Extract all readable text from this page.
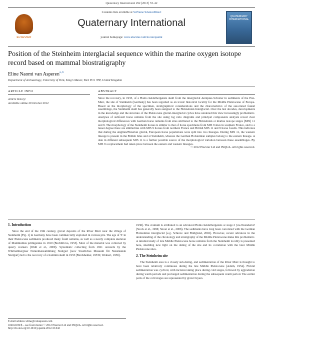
Quaternary International 292 (2013) 33–42
ELSEVIER
Contents lists available at SciVerse ScienceDirect
Quaternary International
journal homepage: www.elsevier.com/locate/quaint
QUATERNARY INTERNATIONAL
Position of the Steinheim interglacial sequence within the marine oxygen isotope record based on mammal biostratigraphy
Eline Naomi van Asperen$^{a, b}$
Department of Archaeology, University of York, King's Manor, York YO1 7EP, United Kingdom
ARTICLE INFO
Article history:
Available online 20 October 2012
ABSTRACT
Since the recovery, in 1933, of a Homo heidelbergensis skull from the interglacial Antiquus-Schotter in sediments of the Enz-Murr, the site of Steinheim (Germany) has been regarded as an iconic historical locality for the Middle Pleistocene of Europe. Based on the morphology of the specimen, stratigraphical considerations and the characteristics of the associated faunal assemblage, the Steinheim skull has generally been assigned to the Holsteinian Interglacial. Over the last decades, developments in the knowledge and the structure of the Pleistocene glacial-interglacial cycles have rendered this view increasingly problematic. Analyses of subfossil horse remains from the site using log ratio diagrams and principal components analysis reveal clear morphological differences with German horse remains from sites attributed to the Holsteinian or marine isotope stages (MIS) 11 and 9. The morphology of the Steinheim horses is similar to that of horse specimens from MIS 9 sites in southern France, and to a lesser degree there are similarities with MIS 9 horses from northern France and British MIS 11 and 9 horse fossils. This indicates that during the Anglian/Elsterian glacial, European horse populations were split into two lineages. During MIS 11, the western lineage is present in the British Isles and at Steinheim, whereas the German Holsteinian samples belong to the eastern lineage. A date in different subsequent MIS 11 is a further possible source of the morphological variation between these assemblages. By MIS 9 a replacement had taken place between the eastern and western lineages.
© 2012 Elsevier Ltd and INQUA. All rights reserved.
1. Introduction

Since the end of the 19th century, gravel deposits of the River Murr near the village of Steinheim (Fig. 1) in Germany have been commercially exploited in various pits. The age of 'S' in their Pleistocene sediments produced many fossil remains, as well as a nearly complete skeleton of Mammuthus primigenius in 1910 (Bechthlova, 1953). Most of the material was collected by quarry workers (Wahl et al., 2009). Systematic collecting from 1921 onwards by the Württembergiser Naturaliensammlung Stuttgart (now Staatliches Museum für Naturkunde Stuttgart) led to the recovery of a hominin skull in 1933 (Berckhemer, 1933b; Weinert, 1936).

1936). The cranium is attributed to an advanced Homo heidelbergensis or stage 2 'pre-Neandertal' (Stock et al., 1996; Street et al., 2006). The sediments have long been correlated with the German Holsteinian interglacial (e.g. Schreve and Bridgland, 2002). However, recent advances in the understanding of the chronology and stratigraphy of the Middle Pleistocene make this problematic. A detailed study of late Middle Pleistocene horse remains from the Steinheim locality is presented here, shedding new light on the dating of the site and its correlation with the later Middle Pleistocene sites.

2. The Steinheim site

The Steinheim area is a closely sub-dating, and sedimentation of the River Murr is thought to have been relatively continuous during the late Middle Pleistocene (Adam, 1954). Fluvial sedimentation was cyclical, with incision taking place during cold stages, followed by aggradation during warm periods and prolonged sedimentation during the subsequent warm period. The earlier parts of the cold stages are represented by gravel layers.

E-mail address: eline@vanasperen.com
1040-6182/$ – see front matter © 2012 Elsevier Ltd and INQUA. All rights reserved.
http://dx.doi.org/10.1016/j.quaint.2012.10.042
